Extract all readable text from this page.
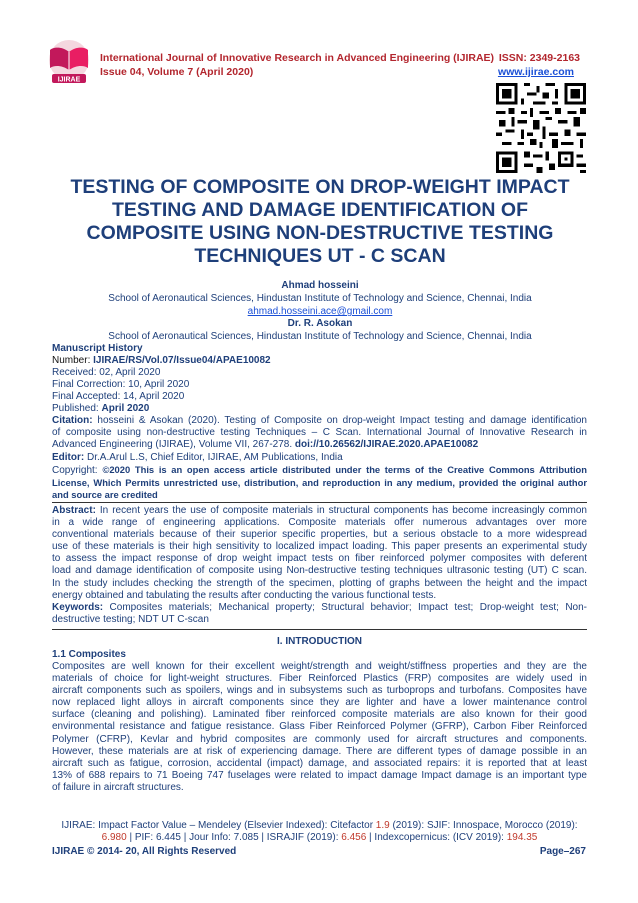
IJIRAE
International Journal of Innovative Research in Advanced Engineering (IJIRAE)
Issue 04, Volume 7 (April 2020)
ISSN: 2349-2163
www.ijirae.com
TESTING OF COMPOSITE ON DROP-WEIGHT IMPACT
TESTING AND DAMAGE IDENTIFICATION OF
COMPOSITE USING NON-DESTRUCTIVE TESTING
TECHNIQUES UT - C SCAN
Ahmad hosseini
School of Aeronautical Sciences, Hindustan Institute of Technology and Science, Chennai, India
ahmad.hosseini.ace@gmail.com
Dr. R. Asokan
School of Aeronautical Sciences, Hindustan Institute of Technology and Science, Chennai, India
Manuscript History
Number: IJIRAE/RS/Vol.07/Issue04/APAE10082
Received: 02, April 2020
Final Correction: 10, April 2020
Final Accepted: 14, April 2020
Published: April 2020
Citation: hosseini & Asokan (2020). Testing of Composite on drop-weight Impact testing and damage identification
of composite using non-destructive testing Techniques – C Scan. International Journal of Innovative Research in
Advanced Engineering (IJIRAE), Volume VII, 267-278. doi://10.26562/IJIRAE.2020.APAE10082
Editor: Dr.A.Arul L.S, Chief Editor, IJIRAE, AM Publications, India
Copyright: ©2020 This is an open access article distributed under the terms of the Creative Commons Attribution
License, Which Permits unrestricted use, distribution, and reproduction in any medium, provided the original author
and source are credited
Abstract: In recent years the use of composite materials in structural components has become increasingly common
in a wide range of engineering applications. Composite materials offer numerous advantages over more
conventional materials because of their superior specific properties, but a serious obstacle to a more widespread
use of these materials is their high sensitivity to localized impact loading. This paper presents an experimental study
to assess the impact response of drop weight impact tests on fiber reinforced polymer composites with deferent
load and damage identification of composite using Non-destructive testing techniques ultrasonic testing (UT) C scan.
In the study includes checking the strength of the specimen, plotting of graphs between the height and the impact
energy obtained and tabulating the results after conducting the various functional tests.
Keywords: Composites materials; Mechanical property; Structural behavior; Impact test; Drop-weight test; Non-
destructive testing; NDT UT C-scan
I. INTRODUCTION
1.1 Composites
Composites are well known for their excellent weight/strength and weight/stiffness properties and they are the
materials of choice for light-weight structures. Fiber Reinforced Plastics (FRP) composites are widely used in
aircraft components such as spoilers, wings and in subsystems such as turboprops and turbofans. Composites have
now replaced light alloys in aircraft components since they are lighter and have a lower maintenance control
surface (cleaning and polishing). Laminated fiber reinforced composite materials are also known for their good
environmental resistance and fatigue resistance. Glass Fiber Reinforced Polymer (GFRP), Carbon Fiber Reinforced
Polymer (CFRP), Kevlar and hybrid composites are commonly used for aircraft structures and components.
However, these materials are at risk of experiencing damage. There are different types of damage possible in an
aircraft such as fatigue, corrosion, accidental (impact) damage, and associated repairs: it is reported that at least
13% of 688 repairs to 71 Boeing 747 fuselages were related to impact damage Impact damage is an important type
of failure in aircraft structures.
IJIRAE: Impact Factor Value – Mendeley (Elsevier Indexed): Citefactor 1.9 (2019): SJIF: Innospace, Morocco (2019):
6.980 | PIF: 6.445 | Jour Info: 7.085 | ISRAJIF (2019): 6.456 | Indexcopernicus: (ICV 2019): 194.35
IJIRAE © 2014- 20, All Rights Reserved	Page–267
